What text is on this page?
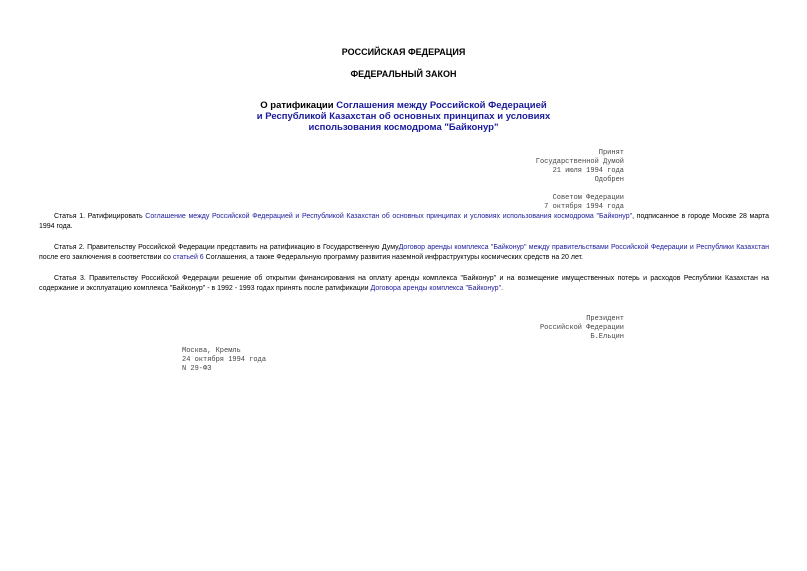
РОССИЙСКАЯ ФЕДЕРАЦИЯ
ФЕДЕРАЛЬНЫЙ ЗАКОН
О ратификации Соглашения между Российской Федерацией
и Республикой Казахстан об основных принципах и условиях
использования космодрома "Байконур"
Принят
Государственной Думой
21 июля 1994 года
Одобрен

Советом Федерации
7 октября 1994 года
Статья 1. Ратифицировать Соглашение между Российской Федерацией и Республикой Казахстан об основных принципах и условиях использования космодрома "Байконур", подписанное в городе Москве 28 марта 1994 года.
Статья 2. Правительству Российской Федерации представить на ратификацию в Государственную ДумуДоговор аренды комплекса "Байконур" между правительствами Российской Федерации и Республики Казахстан после его заключения в соответствии со статьей 6 Соглашения, а также Федеральную программу развития наземной инфраструктуры космических средств на 20 лет.
Статья 3. Правительству Российской Федерации решение об открытии финансирования на оплату аренды комплекса "Байконур" и на возмещение имущественных потерь и расходов Республики Казахстан на содержание и эксплуатацию комплекса "Байконур" - в 1992 - 1993 годах принять после ратификации Договора аренды комплекса "Байконур".
Президент
Российской Федерации
Б.Ельцин
Москва, Кремль
24 октября 1994 года
N 29-ФЗ
